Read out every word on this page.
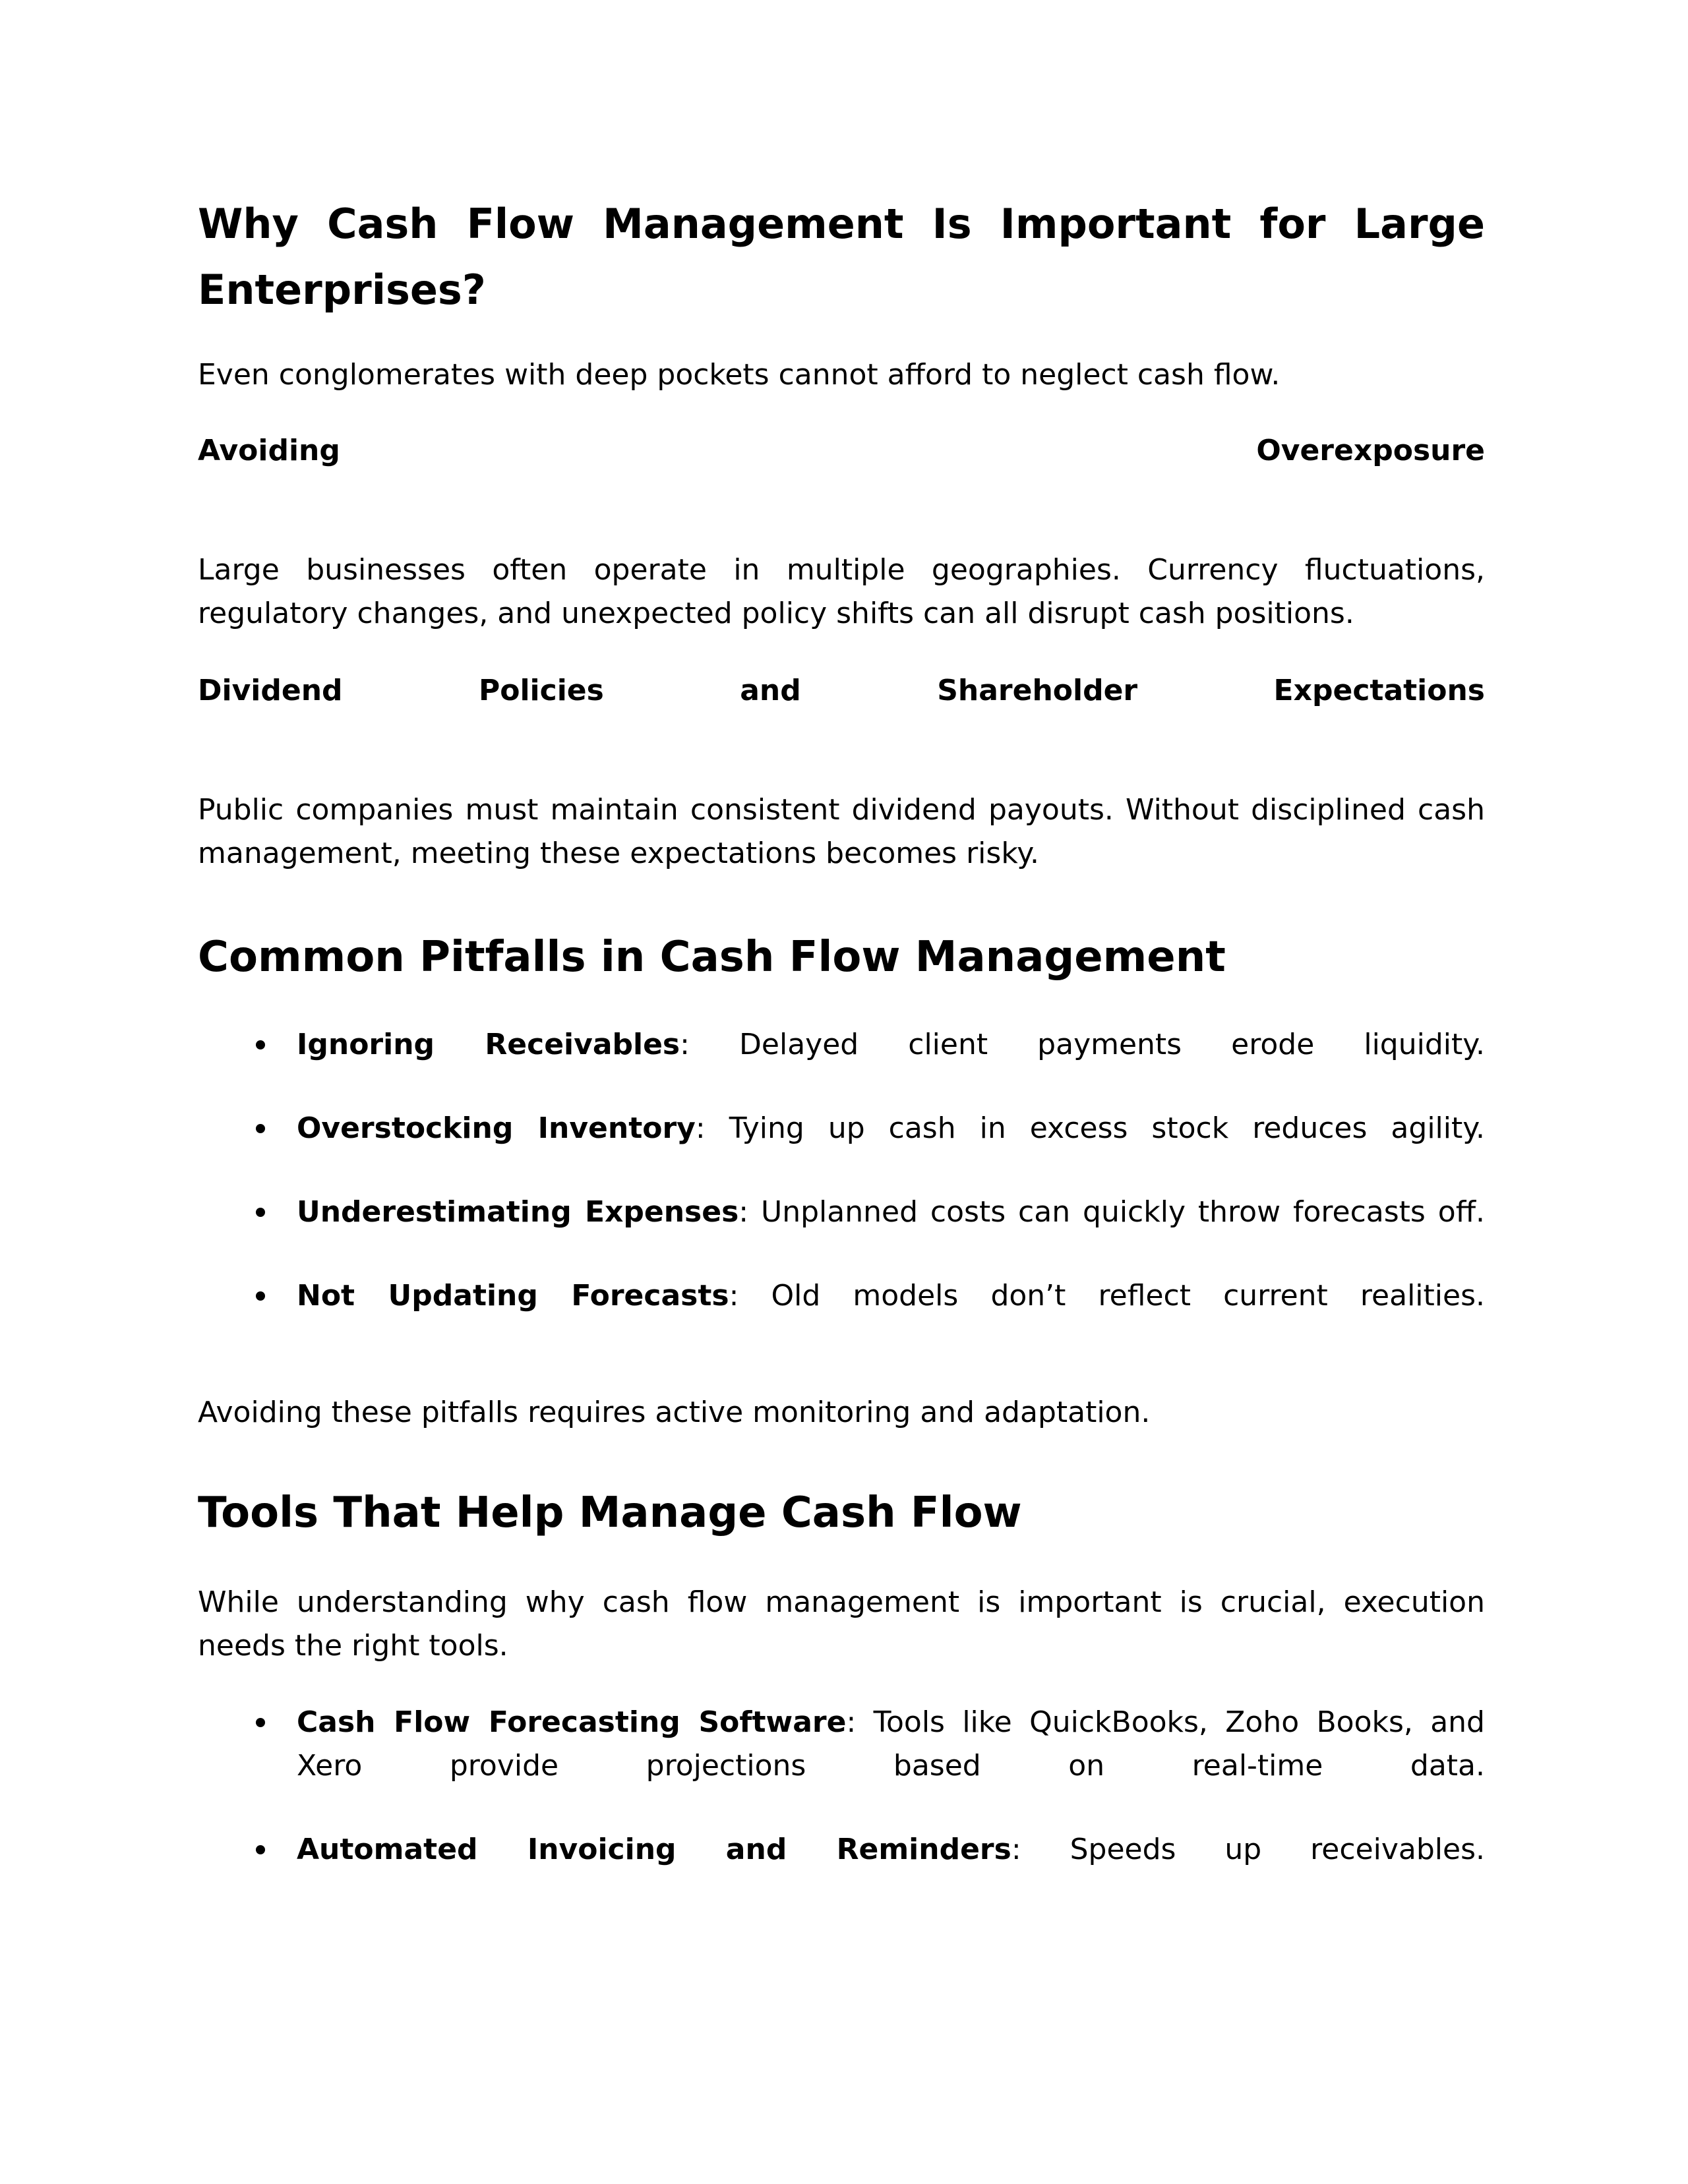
Why Cash Flow Management Is Important for Large Enterprises?

Even conglomerates with deep pockets cannot afford to neglect cash flow.

Avoiding Overexposure

Large businesses often operate in multiple geographies. Currency fluctuations, regulatory changes, and unexpected policy shifts can all disrupt cash positions.

Dividend Policies and Shareholder Expectations

Public companies must maintain consistent dividend payouts. Without disciplined cash management, meeting these expectations becomes risky.

Common Pitfalls in Cash Flow Management
Ignoring Receivables: Delayed client payments erode liquidity.
Overstocking Inventory: Tying up cash in excess stock reduces agility.
Underestimating Expenses: Unplanned costs can quickly throw forecasts off.
Not Updating Forecasts: Old models don’t reflect current realities.

Avoiding these pitfalls requires active monitoring and adaptation.

Tools That Help Manage Cash Flow

While understanding why cash flow management is important is crucial, execution needs the right tools.

Cash Flow Forecasting Software: Tools like QuickBooks, Zoho Books, and Xero provide projections based on real-time data.
Automated Invoicing and Reminders: Speeds up receivables.
